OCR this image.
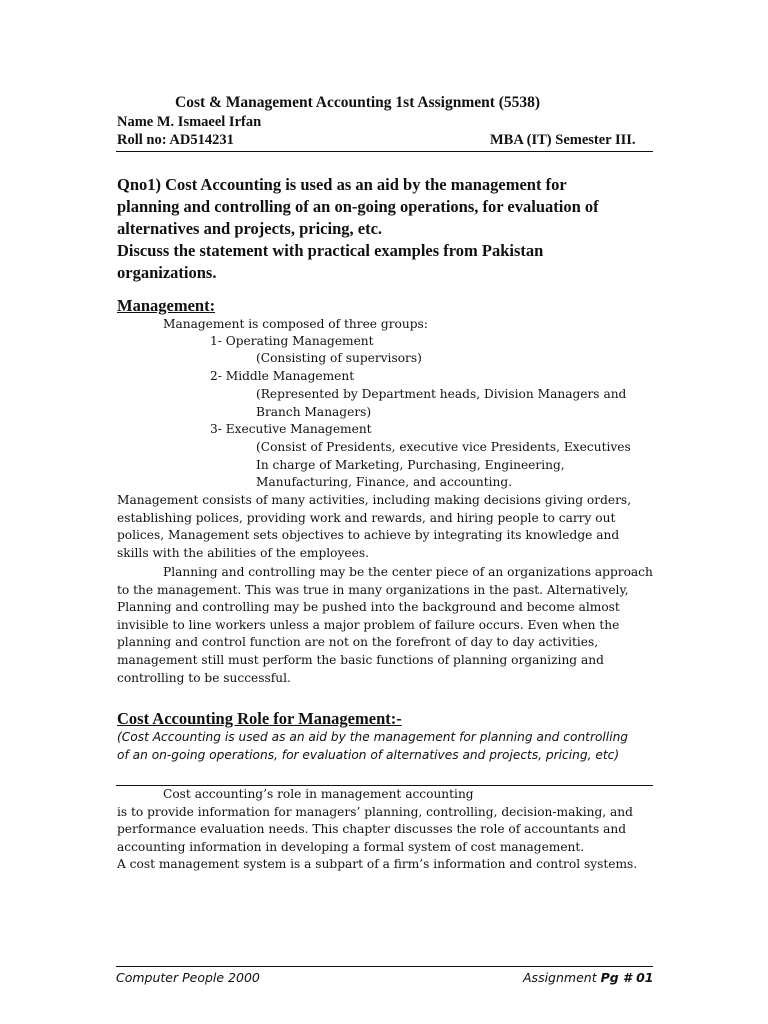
Cost & Management Accounting 1st Assignment (5538)
Name M. Ismaeel Irfan
Roll no: AD514231	MBA (IT) Semester III.

Qno1) Cost Accounting is used as an aid by the management for

planning and controlling of an on-going operations, for evaluation of

alternatives and projects, pricing, etc.

Discuss the statement with practical examples from Pakistan

organizations.

Management:

Management is composed of three groups:

1- Operating Management

(Consisting of supervisors)

2- Middle Management

(Represented by Department heads, Division Managers and

Branch Managers)

3- Executive Management

(Consist of Presidents, executive vice Presidents, Executives

In charge of Marketing, Purchasing, Engineering,

Manufacturing, Finance, and accounting.

Management consists of many activities, including making decisions giving orders,

establishing polices, providing work and rewards, and hiring people to carry out

polices, Management sets objectives to achieve by integrating its knowledge and

skills with the abilities of the employees.

Planning and controlling may be the center piece of an organizations approach

to the management. This was true in many organizations in the past. Alternatively,

Planning and controlling may be pushed into the background and become almost

invisible to line workers unless a major problem of failure occurs. Even when the

planning and control function are not on the forefront of day to day activities,

management still must perform the basic functions of planning organizing and

controlling to be successful.

Cost Accounting Role for Management:-

(Cost Accounting is used as an aid by the management for planning and controlling

of an on-going operations, for evaluation of alternatives and projects, pricing, etc)

Cost accounting’s role in management accounting

is to provide information for managers’ planning, controlling, decision-making, and

performance evaluation needs. This chapter discusses the role of accountants and

accounting information in developing a formal system of cost management.

A cost management system is a subpart of a firm’s information and control systems.

Computer People 2000	Assignment Pg # 01
